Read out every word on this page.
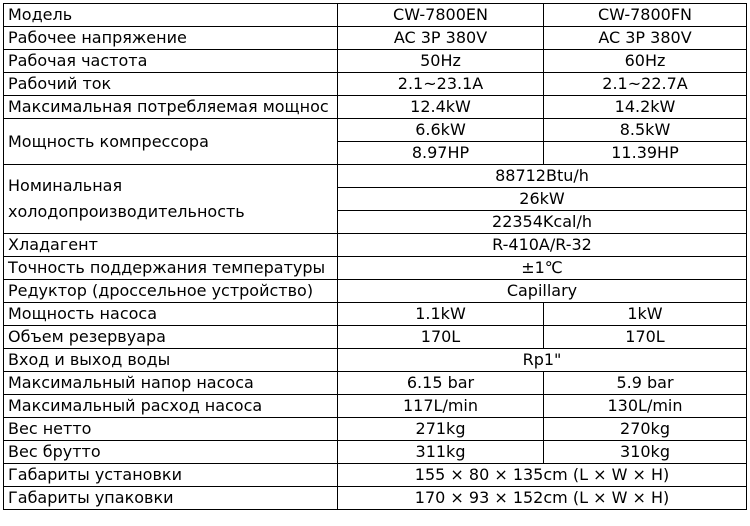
Модель	CW-7800EN	CW-7800FN
Рабочее напряжение	AC 3P 380V	AC 3P 380V
Рабочая частота	50Hz	60Hz
Рабочий ток	2.1~23.1A	2.1~22.7A
Максимальная потребляемая мощнос	12.4kW	14.2kW
Мощность компрессора	6.6kW	8.5kW
	8.97HP	11.39HP
Номинальная холодопроизводительность	88712Btu/h	
	26kW	
	22354Kcal/h	
Хладагент	R-410A/R-32	
Точность поддержания температуры	±1℃	
Редуктор (дроссельное устройство)	Capillary	
Мощность насоса	1.1kW	1kW
Объем резервуара	170L	170L
Вход и выход воды	Rp1"	
Максимальный напор насоса	6.15 bar	5.9 bar
Максимальный расход насоса	117L/min	130L/min
Вес нетто	271kg	270kg
Вес брутто	311kg	310kg
Габариты установки	155 × 80 × 135cm (L × W × H)	
Габариты упаковки	170 × 93 × 152cm (L × W × H)	
